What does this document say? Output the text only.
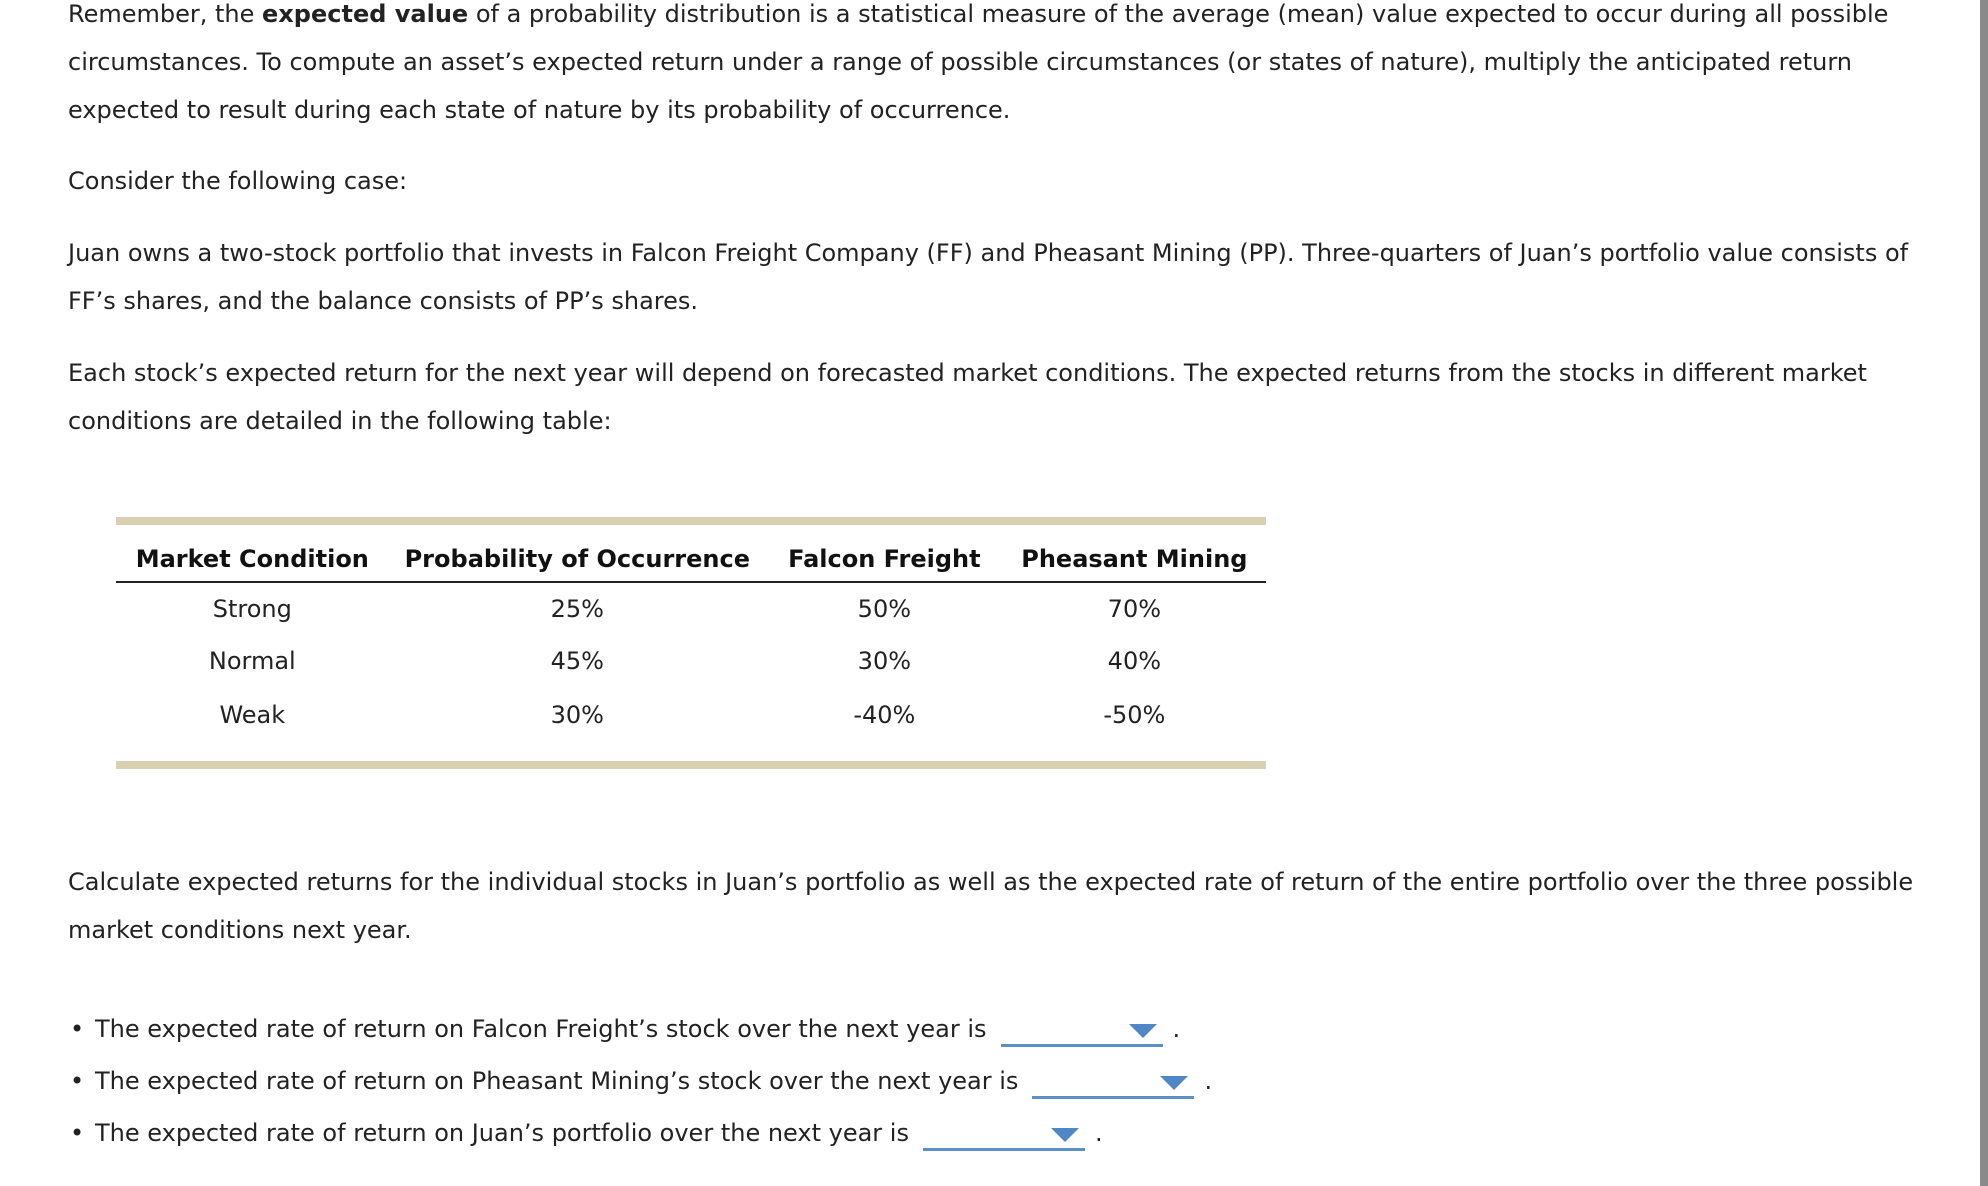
Remember, the expected value of a probability distribution is a statistical measure of the average (mean) value expected to occur during all possible circumstances. To compute an asset’s expected return under a range of possible circumstances (or states of nature), multiply the anticipated return expected to result during each state of nature by its probability of occurrence.

Consider the following case:

Juan owns a two-stock portfolio that invests in Falcon Freight Company (FF) and Pheasant Mining (PP). Three-quarters of Juan’s portfolio value consists of FF’s shares, and the balance consists of PP’s shares.

Each stock’s expected return for the next year will depend on forecasted market conditions. The expected returns from the stocks in different market conditions are detailed in the following table:

Market Condition	Probability of Occurrence	Falcon Freight	Pheasant Mining
Strong	25%	50%	70%
Normal	45%	30%	40%
Weak	30%	-40%	-50%

Calculate expected returns for the individual stocks in Juan’s portfolio as well as the expected rate of return of the entire portfolio over the three possible market conditions next year.

• The expected rate of return on Falcon Freight’s stock over the next year is	.
• The expected rate of return on Pheasant Mining’s stock over the next year is	.
• The expected rate of return on Juan’s portfolio over the next year is	.
